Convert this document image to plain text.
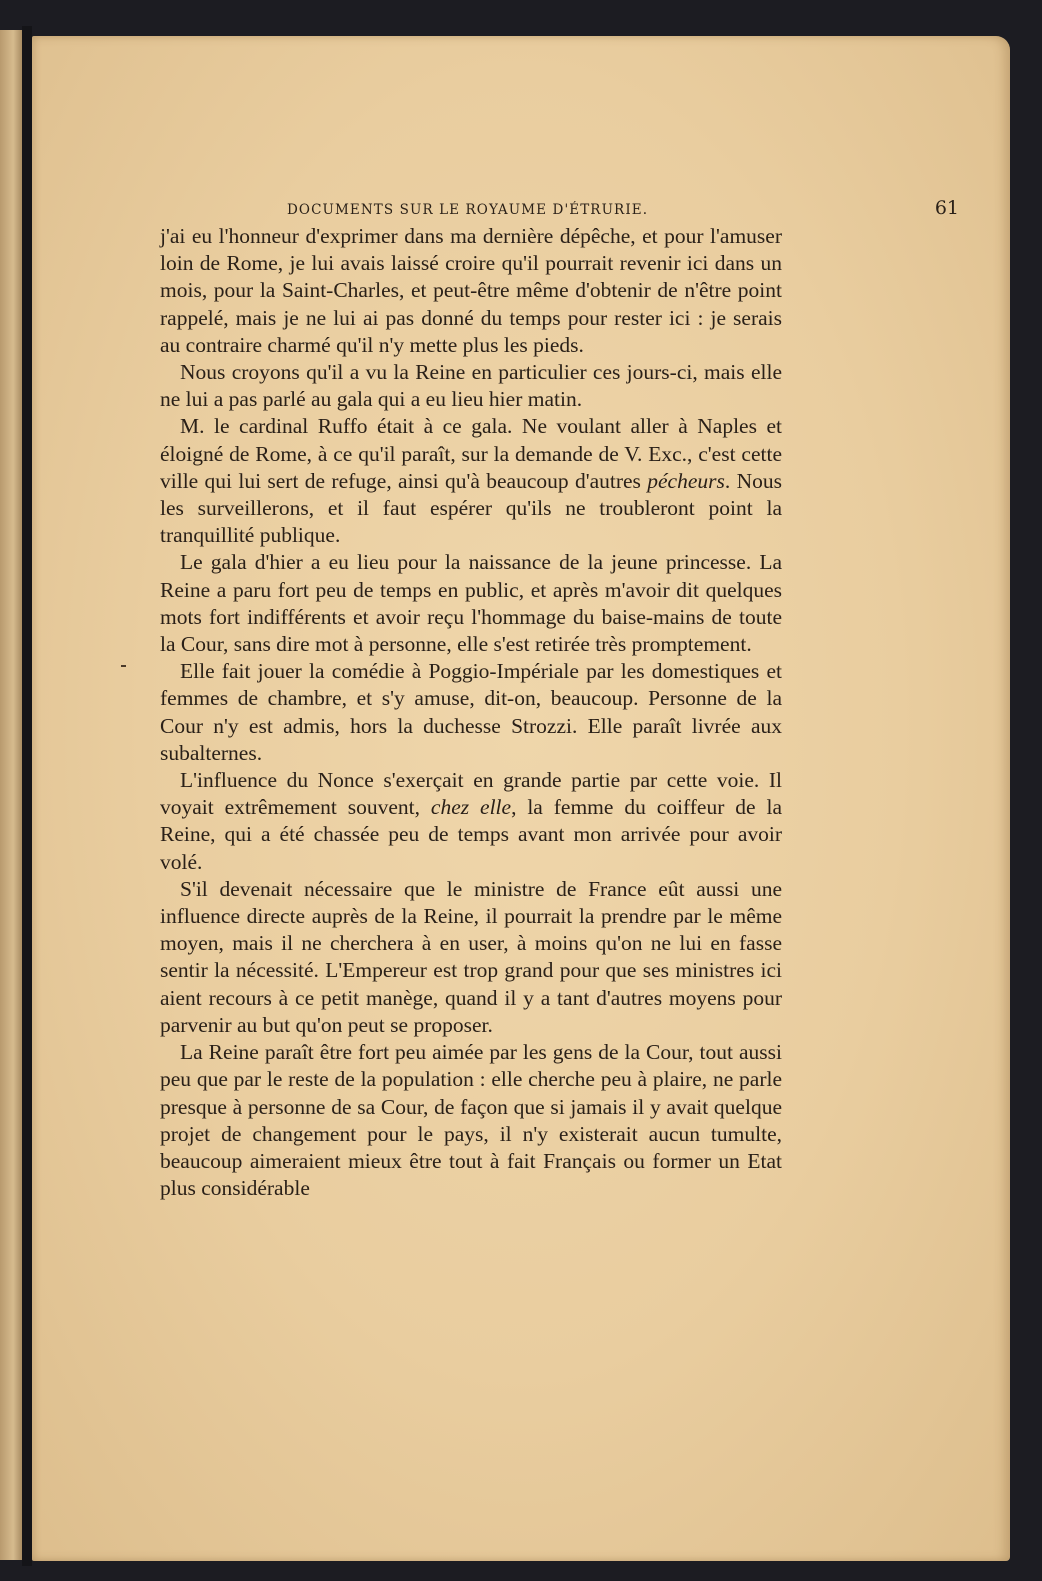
DOCUMENTS SUR LE ROYAUME D'ÉTRURIE.	61

j'ai eu l'honneur d'exprimer dans ma dernière dépêche, et pour l'amuser loin de Rome, je lui avais laissé croire qu'il pourrait revenir ici dans un mois, pour la Saint-Charles, et peut-être même d'obtenir de n'être point rappelé, mais je ne lui ai pas donné du temps pour rester ici : je serais au contraire charmé qu'il n'y mette plus les pieds.

Nous croyons qu'il a vu la Reine en particulier ces jours-ci, mais elle ne lui a pas parlé au gala qui a eu lieu hier matin.

M. le cardinal Ruffo était à ce gala. Ne voulant aller à Naples et éloigné de Rome, à ce qu'il paraît, sur la demande de V. Exc., c'est cette ville qui lui sert de refuge, ainsi qu'à beaucoup d'autres pécheurs. Nous les surveillerons, et il faut espérer qu'ils ne troubleront point la tranquillité publique.

Le gala d'hier a eu lieu pour la naissance de la jeune princesse. La Reine a paru fort peu de temps en public, et après m'avoir dit quelques mots fort indifférents et avoir reçu l'hommage du baise-mains de toute la Cour, sans dire mot à personne, elle s'est retirée très promptement.

Elle fait jouer la comédie à Poggio-Impériale par les domestiques et femmes de chambre, et s'y amuse, dit-on, beaucoup. Personne de la Cour n'y est admis, hors la duchesse Strozzi. Elle paraît livrée aux subalternes.

L'influence du Nonce s'exerçait en grande partie par cette voie. Il voyait extrêmement souvent, chez elle, la femme du coiffeur de la Reine, qui a été chassée peu de temps avant mon arrivée pour avoir volé.

S'il devenait nécessaire que le ministre de France eût aussi une influence directe auprès de la Reine, il pourrait la prendre par le même moyen, mais il ne cherchera à en user, à moins qu'on ne lui en fasse sentir la nécessité. L'Empereur est trop grand pour que ses ministres ici aient recours à ce petit manège, quand il y a tant d'autres moyens pour parvenir au but qu'on peut se proposer.

La Reine paraît être fort peu aimée par les gens de la Cour, tout aussi peu que par le reste de la population : elle cherche peu à plaire, ne parle presque à personne de sa Cour, de façon que si jamais il y avait quelque projet de changement pour le pays, il n'y existerait aucun tumulte, beaucoup aimeraient mieux être tout à fait Français ou former un Etat plus considérable
